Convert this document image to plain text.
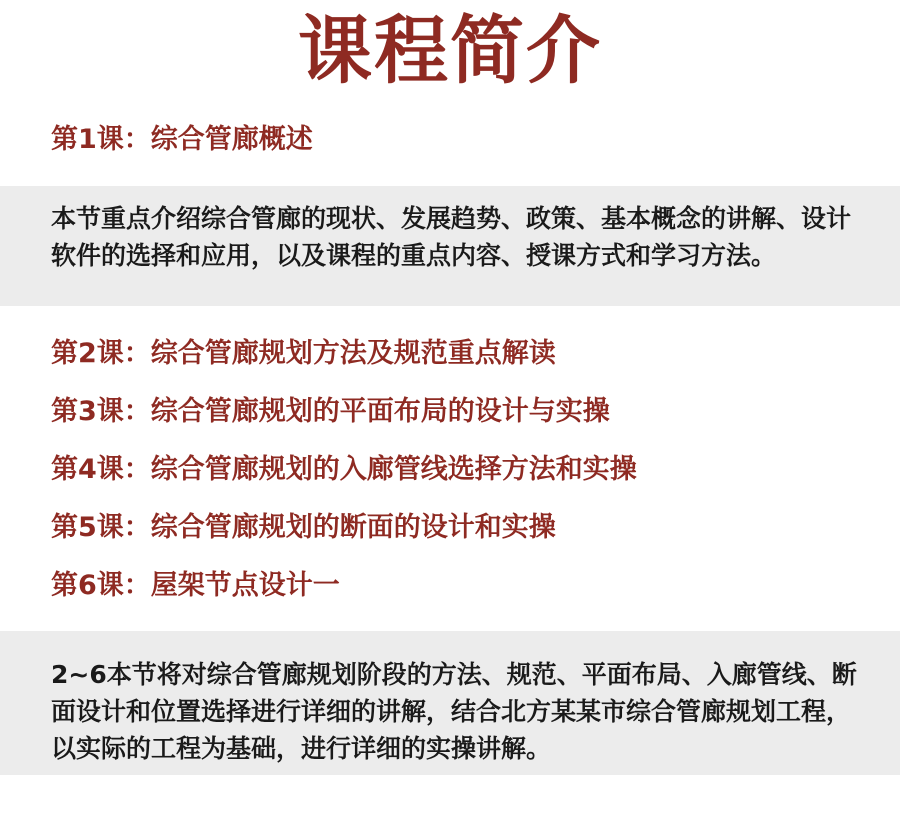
课程简介
第1课：综合管廊概述
本节重点介绍综合管廊的现状、发展趋势、政策、基本概念的讲解、设计软件的选择和应用，以及课程的重点内容、授课方式和学习方法。
第2课：综合管廊规划方法及规范重点解读
第3课：综合管廊规划的平面布局的设计与实操
第4课：综合管廊规划的入廊管线选择方法和实操
第5课：综合管廊规划的断面的设计和实操
第6课：屋架节点设计一
2~6本节将对综合管廊规划阶段的方法、规范、平面布局、入廊管线、断面设计和位置选择进行详细的讲解，结合北方某某市综合管廊规划工程，以实际的工程为基础，进行详细的实操讲解。
